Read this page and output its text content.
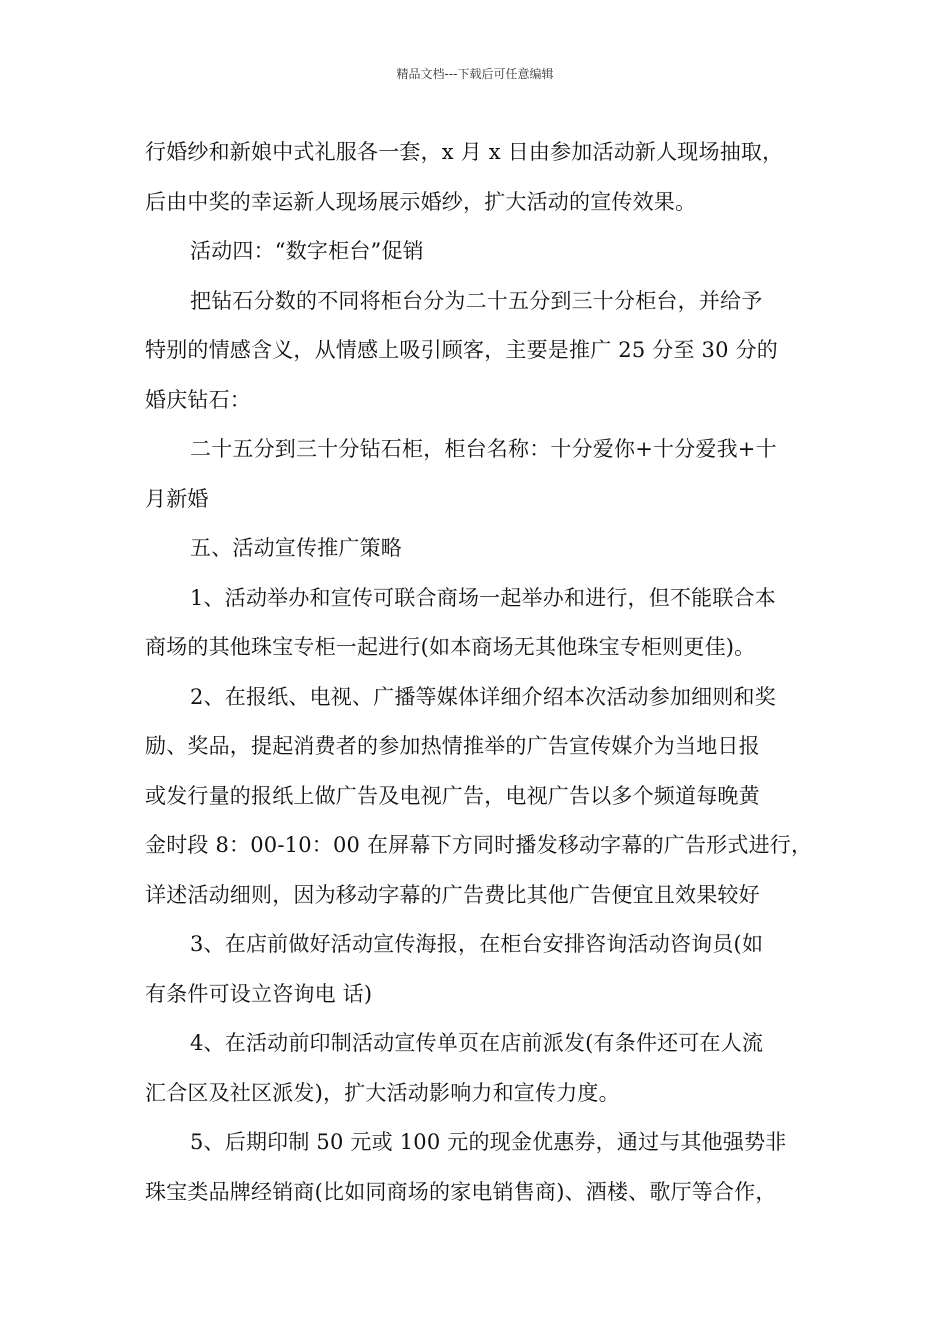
精品文档---下载后可任意编辑
行婚纱和新娘中式礼服各一套，x 月 x 日由参加活动新人现场抽取，
后由中奖的幸运新人现场展示婚纱，扩大活动的宣传效果。
活动四：“数字柜台”促销
把钻石分数的不同将柜台分为二十五分到三十分柜台，并给予
特别的情感含义，从情感上吸引顾客，主要是推广 25 分至 30 分的
婚庆钻石：
二十五分到三十分钻石柜，柜台名称：十分爱你+十分爱我+十
月新婚
五、活动宣传推广策略
1、活动举办和宣传可联合商场一起举办和进行，但不能联合本
商场的其他珠宝专柜一起进行(如本商场无其他珠宝专柜则更佳)。
2、在报纸、电视、广播等媒体详细介绍本次活动参加细则和奖
励、奖品，提起消费者的参加热情推举的广告宣传媒介为当地日报
或发行量的报纸上做广告及电视广告，电视广告以多个频道每晚黄
金时段 8：00-10：00 在屏幕下方同时播发移动字幕的广告形式进行，
详述活动细则，因为移动字幕的广告费比其他广告便宜且效果较好
3、在店前做好活动宣传海报，在柜台安排咨询活动咨询员(如
有条件可设立咨询电 话)
4、在活动前印制活动宣传单页在店前派发(有条件还可在人流
汇合区及社区派发)，扩大活动影响力和宣传力度。
5、后期印制 50 元或 100 元的现金优惠券，通过与其他强势非
珠宝类品牌经销商(比如同商场的家电销售商)、酒楼、歌厅等合作，
